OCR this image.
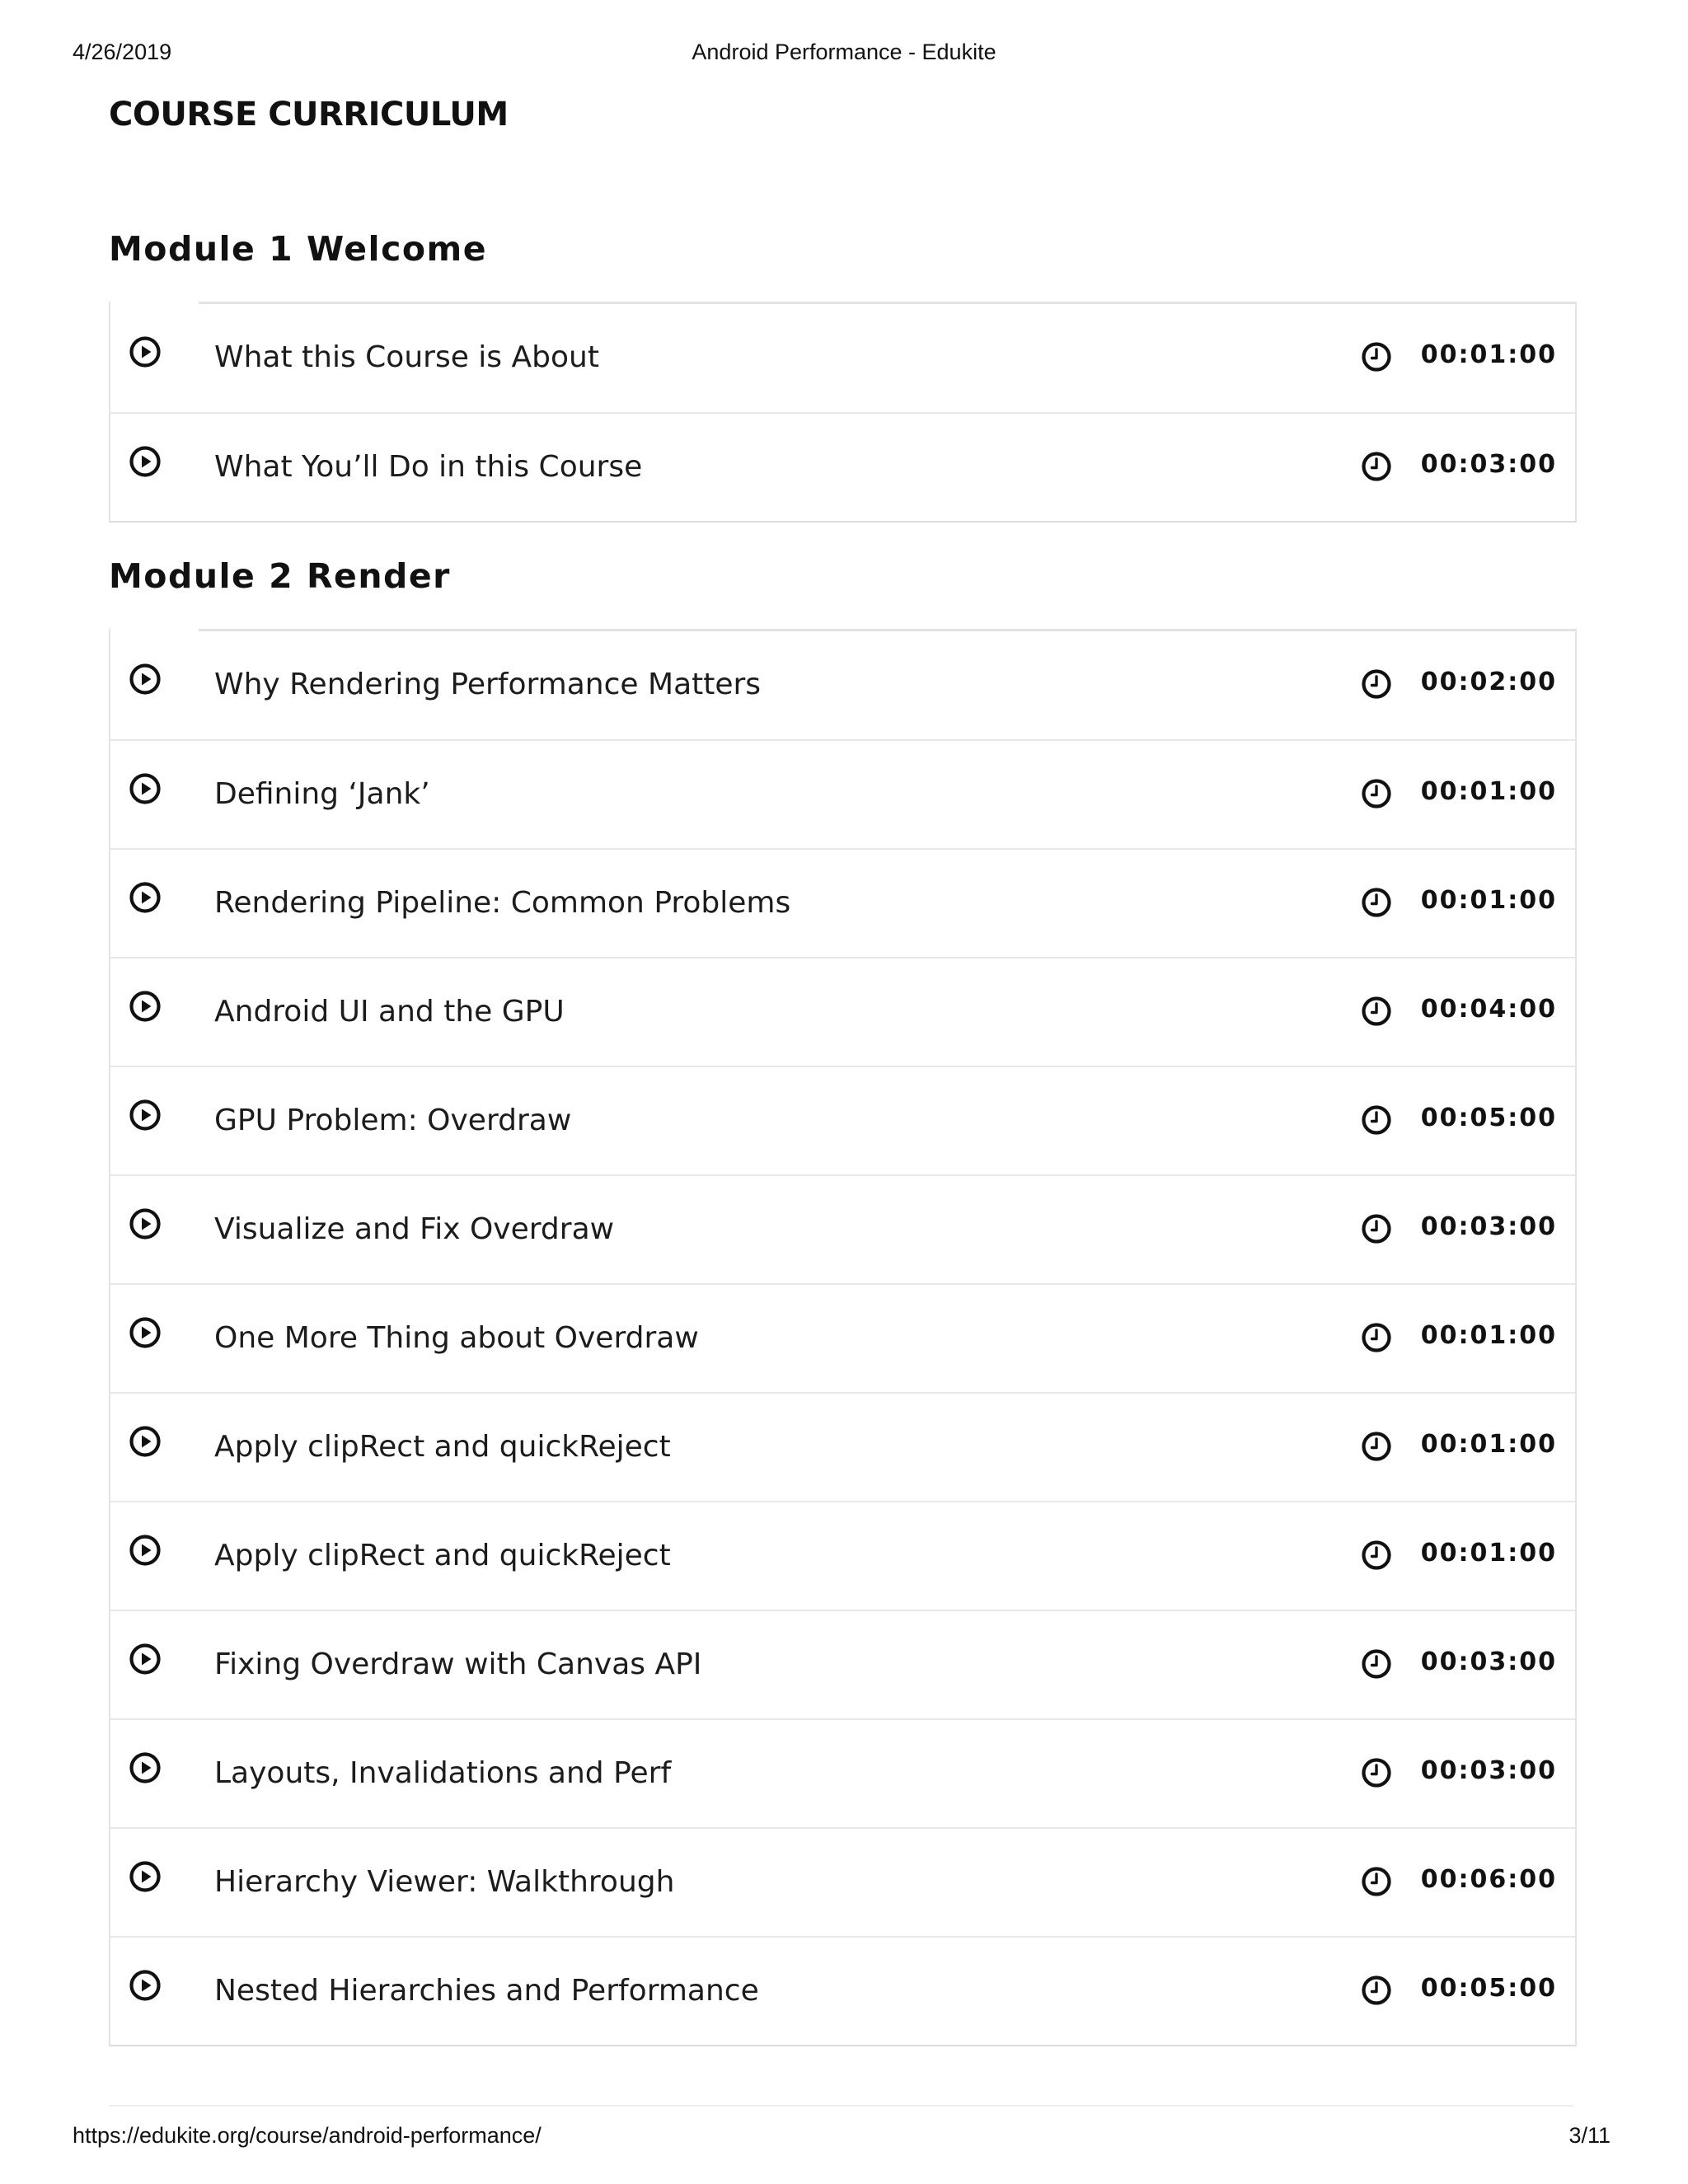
4/26/2019	Android Performance - Edukite
COURSE CURRICULUM
Module 1 Welcome
What this Course is About	00:01:00
What You’ll Do in this Course	00:03:00
Module 2 Render
Why Rendering Performance Matters	00:02:00
Defining ‘Jank’	00:01:00
Rendering Pipeline: Common Problems	00:01:00
Android UI and the GPU	00:04:00
GPU Problem: Overdraw	00:05:00
Visualize and Fix Overdraw	00:03:00
One More Thing about Overdraw	00:01:00
Apply clipRect and quickReject	00:01:00
Apply clipRect and quickReject	00:01:00
Fixing Overdraw with Canvas API	00:03:00
Layouts, Invalidations and Perf	00:03:00
Hierarchy Viewer: Walkthrough	00:06:00
Nested Hierarchies and Performance	00:05:00
https://edukite.org/course/android-performance/	3/11
